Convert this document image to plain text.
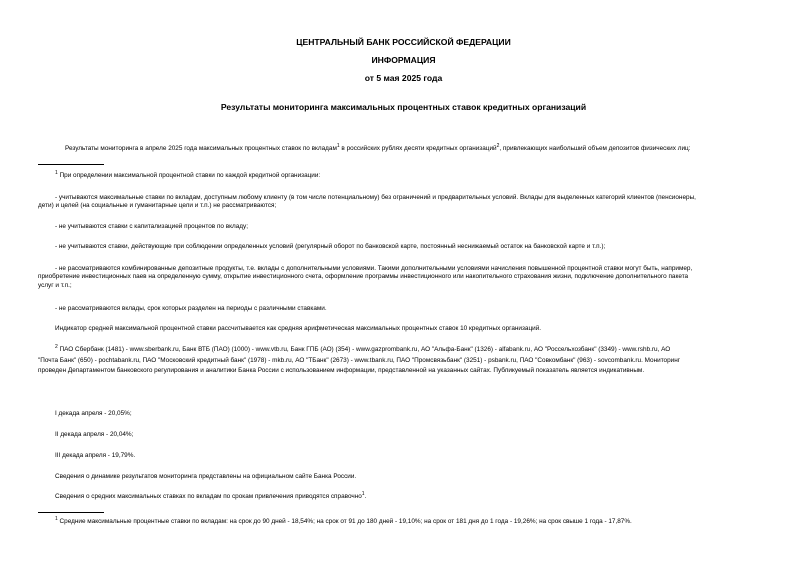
ЦЕНТРАЛЬНЫЙ БАНК РОССИЙСКОЙ ФЕДЕРАЦИИ
ИНФОРМАЦИЯ
от 5 мая 2025 года
Результаты мониторинга максимальных процентных ставок кредитных организаций
Результаты мониторинга в апреле 2025 года максимальных процентных ставок по вкладам$^1$ в российских рублях десяти кредитных организаций$^2$, привлекающих наибольший объем депозитов физических лиц:
$^1$ При определении максимальной процентной ставки по каждой кредитной организации:
- учитываются максимальные ставки по вкладам, доступным любому клиенту (в том числе потенциальному) без ограничений и предварительных условий. Вклады для выделенных категорий клиентов (пенсионеры,
дети) и целей (на социальные и гуманитарные цели и т.п.) не рассматриваются;
- не учитываются ставки с капитализацией процентов по вкладу;
- не учитываются ставки, действующие при соблюдении определенных условий (регулярный оборот по банковской карте, постоянный неснижаемый остаток на банковской карте и т.п.);
- не рассматриваются комбинированные депозитные продукты, т.е. вклады с дополнительными условиями. Такими дополнительными условиями начисления повышенной процентной ставки могут быть, например,
приобретение инвестиционных паев на определенную сумму, открытие инвестиционного счета, оформление программы инвестиционного или накопительного страхования жизни, подключение дополнительного пакета
услуг и т.п.;
- не рассматриваются вклады, срок которых разделен на периоды с различными ставками.
Индикатор средней максимальной процентной ставки рассчитывается как средняя арифметическая максимальных процентных ставок 10 кредитных организаций.
$^2$ ПАО Сбербанк (1481) - www.sberbank.ru, Банк ВТБ (ПАО) (1000) - www.vtb.ru, Банк ГПБ (АО) (354) - www.gazprombank.ru, АО "Альфа-Банк" (1326) - alfabank.ru, АО "Россельхозбанк" (3349) - www.rshb.ru, АО
"Почта Банк" (650) - pochtabank.ru, ПАО "Московский кредитный банк" (1978) - mkb.ru, АО "ТБанк" (2673) - www.tbank.ru, ПАО "Промсвязьбанк" (3251) - psbank.ru, ПАО "Совкомбанк" (963) - sovcombank.ru. Мониторинг
проведен Департаментом банковского регулирования и аналитики Банка России с использованием информации, представленной на указанных сайтах. Публикуемый показатель является индикативным.
I декада апреля - 20,05%;
II декада апреля - 20,04%;
III декада апреля - 19,79%.
Сведения о динамике результатов мониторинга представлены на официальном сайте Банка России.
Сведения о средних максимальных ставках по вкладам по срокам привлечения приводятся справочно$^1$.
$^1$ Средние максимальные процентные ставки по вкладам: на срок до 90 дней - 18,54%; на срок от 91 до 180 дней - 19,10%; на срок от 181 дня до 1 года - 19,26%; на срок свыше 1 года - 17,87%.
